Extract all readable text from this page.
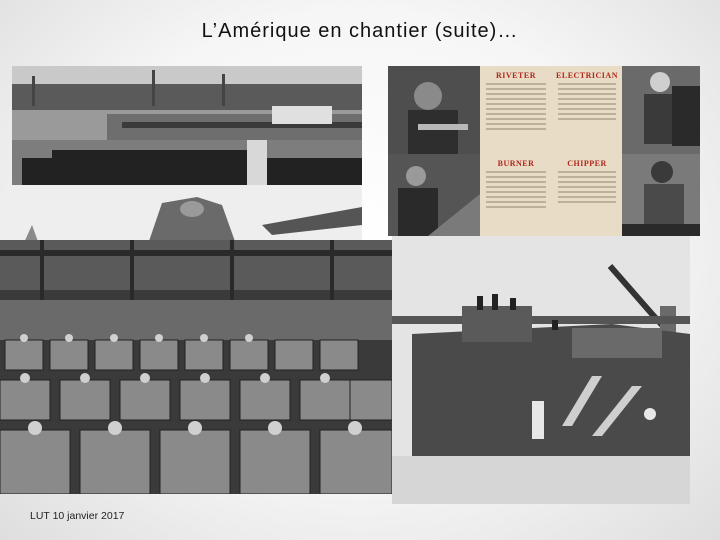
L’Amérique en chantier (suite)…
RIVETER	ELECTRICIAN
BURNER	CHIPPER
LUT 10 janvier 2017
